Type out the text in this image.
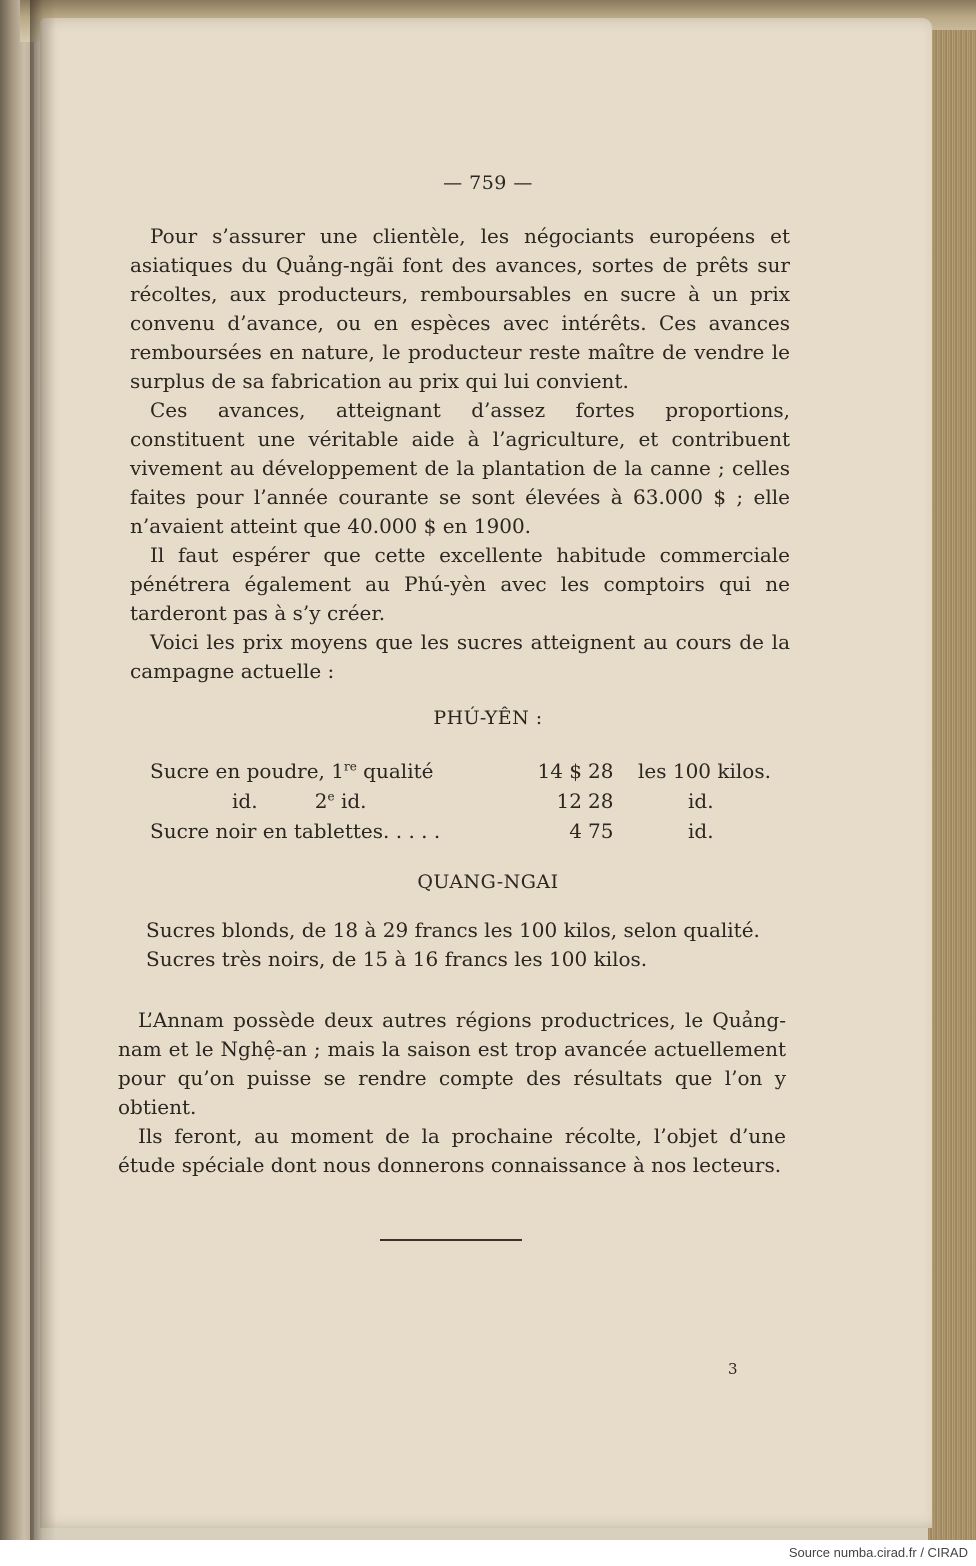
— 759 —

Pour s’assurer une clientèle, les négociants européens et asiatiques du Quảng-ngãi font des avances, sortes de prêts sur récoltes, aux producteurs, remboursables en sucre à un prix convenu d’avance, ou en espèces avec intérêts. Ces avances remboursées en nature, le producteur reste maître de vendre le surplus de sa fabrication au prix qui lui convient.

Ces avances, atteignant d’assez fortes proportions, constituent une véritable aide à l’agriculture, et contribuent vivement au développement de la plantation de la canne ; celles faites pour l’année courante se sont élevées à 63.000 $ ; elle n’avaient atteint que 40.000 $ en 1900.

Il faut espérer que cette excellente habitude commerciale pénétrera également au Phú-yèn avec les comptoirs qui ne tarderont pas à s’y créer.

Voici les prix moyens que les sucres atteignent au cours de la campagne actuelle :

PHÚ-YÊN :
Sucre en poudre, 1re qualité	14 $	28	les 100 kilos.
id.         2e id.	12	28	id.
Sucre noir en tablettes. . . . .	4	75	id.
QUANG-NGAI
Sucres blonds, de 18 à 29 francs les 100 kilos, selon qualité.
Sucres très noirs, de 15 à 16 francs les 100 kilos.

L’Annam possède deux autres régions productrices, le Quảng-nam et le Nghệ-an ; mais la saison est trop avancée actuellement pour qu’on puisse se rendre compte des résultats que l’on y obtient.

Ils feront, au moment de la prochaine récolte, l’objet d’une étude spéciale dont nous donnerons connaissance à nos lecteurs.

3
Source numba.cirad.fr / CIRAD
